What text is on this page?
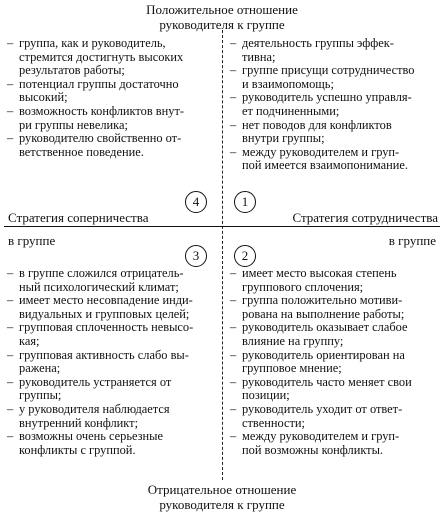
Положительное отношение
руководителя к группе
– группа, как и руководитель,
стремится достигнуть высоких
результатов работы;
– потенциал группы достаточно
высокий;
– возможность конфликтов внут-
ри группы невелика;
– руководителю свойственно от-
ветственное поведение.
– деятельность группы эффек-
тивна;
– группе присущи сотрудничество
и взаимопомощь;
– руководитель успешно управля-
ет подчиненными;
– нет поводов для конфликтов
внутри группы;
– между руководителем и груп-
пой имеется взаимопонимание.
4	1
Стратегия соперничества	Стратегия сотрудничества
в группе	в группе
3	2
– в группе сложился отрицатель-
ный психологический климат;
– имеет место несовпадение инди-
видуальных и групповых целей;
– групповая сплоченность невысо-
кая;
– групповая активность слабо вы-
ражена;
– руководитель устраняется от
группы;
– у руководителя наблюдается
внутренний конфликт;
– возможны очень серьезные
конфликты с группой.
– имеет место высокая степень
группового сплочения;
– группа положительно мотиви-
рована на выполнение работы;
– руководитель оказывает слабое
влияние на группу;
– руководитель ориентирован на
групповое мнение;
– руководитель часто меняет свои
позиции;
– руководитель уходит от ответ-
ственности;
– между руководителем и груп-
пой возможны конфликты.
Отрицательное отношение
руководителя к группе
